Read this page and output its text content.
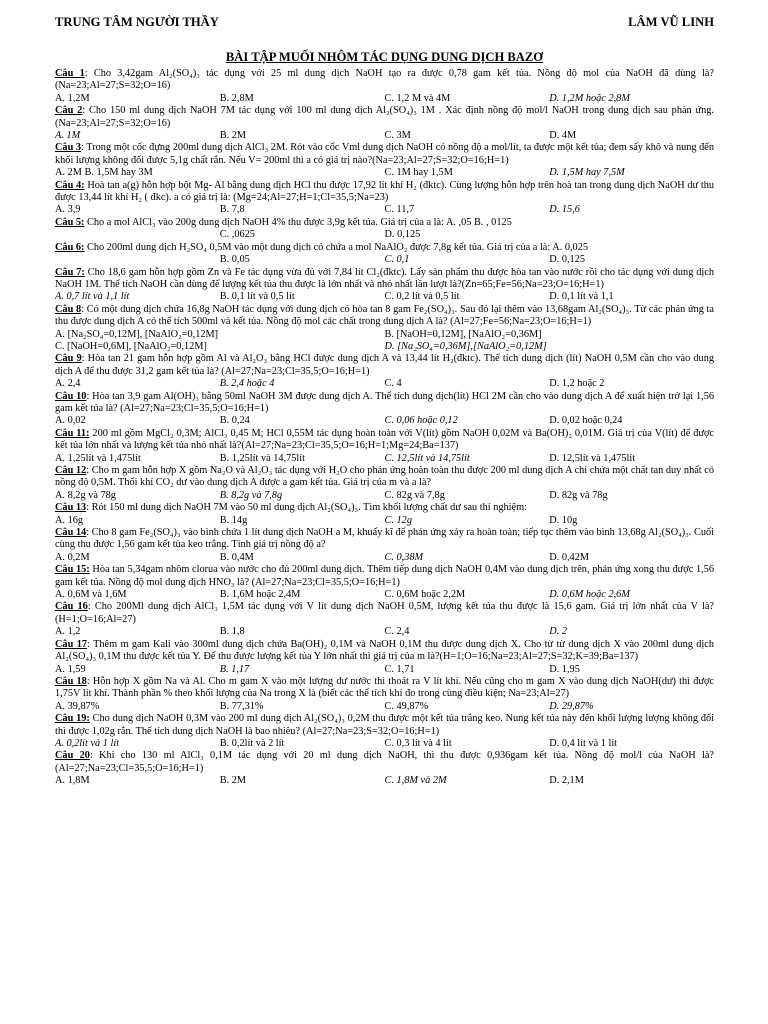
TRUNG TÂM NGƯỜI THẦY	LÂM VŨ LINH
BÀI TẬP MUỐI NHÔM TÁC DỤNG DUNG DỊCH BAZƠ
Câu 1: Cho 3,42gam Al₂(SO₄)₃ tác dụng với 25 ml dung dịch NaOH tạo ra được 0,78 gam kết tủa. Nồng độ mol của NaOH đã dùng là?(Na=23;Al=27;S=32;O=16)
A. 1,2M	B. 2,8M	C. 1,2 M và 4M	D. 1,2M hoặc 2,8M
Câu 2: Cho 150 ml dung dịch NaOH 7M tác dụng với 100 ml dung dịch Al₂(SO₄)₃ 1M . Xác định nồng độ mol/l NaOH trong dung dịch sau phản ứng. (Na=23;Al=27;S=32;O=16)
A. 1M	B. 2M	C. 3M	D. 4M
Câu 3: Trong một cốc đựng 200ml dung dịch AlCl₃ 2M. Rót vào cốc Vml dung dịch NaOH có nồng độ a mol/lít, ta được một kết tủa; đem sấy khô và nung đến khối lượng không đổi được 5,1g chất rắn. Nếu V= 200ml thì a có giá trị nào?(Na=23;Al=27;S=32;O=16;H=1)
A. 2M B. 1,5M hay 3M	C. 1M hay 1,5M	D. 1,5M hay 7,5M
Câu 4: Hoà tan a(g) hỗn hợp bột Mg- Al bằng dung dịch HCl thu được 17,92 lít khí H₂ (đktc). Cùng lượng hỗn hợp trên hoà tan trong dung dịch NaOH dư thu được 13,44 lít khí H₂ ( đkc). a có giá trị là: (Mg=24;Al=27;H=1;Cl=35,5;Na=23)
A. 3,9	B. 7,8	C. 11,7	D. 15,6
Câu 5: Cho a mol AlCl₃ vào 200g dung dịch NaOH 4% thu được 3,9g kết tủa. Giá trị của a là: A. ,05 B. , 0125
C. ,0625	D. 0,125
Câu 6: Cho 200ml dung dịch H₂SO₄ 0,5M vào một dung dịch có chứa a mol NaAlO₂ được 7,8g kết tủa. Giá trị của a là: A. 0,025
B. 0,05	C. 0,1	D. 0,125
Câu 7: Cho 18,6 gam hỗn hợp gồm Zn và Fe tác dụng vừa đủ với 7,84 lít Cl₂(đktc). Lấy sản phẩm thu được hòa tan vào nước rồi cho tác dụng với dung dịch NaOH 1M. Thể tích NaOH cần dùng để lượng kết tủa thu được là lớn nhất và nhỏ nhất lần lượt là?(Zn=65;Fe=56;Na=23;O=16;H=1)
A. 0,7 lít và 1,1 lít	B. 0,1 lít và 0,5 lít	C. 0,2 lít và 0,5 lít	D. 0,1 lít và 1,1
Câu 8: Có một dung dịch chứa 16,8g NaOH tác dụng với dung dịch có hòa tan 8 gam Fe₂(SO₄)₃. Sau đó lại thêm vào 13,68gam Al₂(SO₄)₃. Từ các phản ứng ta thu được dung dịch A có thể tích 500ml và kết tủa. Nồng độ mol các chất trong dung dịch A là? (Al=27;Fe=56;Na=23;O=16;H=1)
A. [Na₂SO₄=0,12M], [NaAlO₂=0,12M]	B. [NaOH=0,12M], [NaAlO₂=0,36M]
C. [NaOH=0,6M], [NaAlO₂=0,12M]	D. [Na₂SO₄=0,36M],[NaAlO₂=0,12M]
Câu 9: Hòa tan 21 gam hỗn hợp gồm Al và Al₂O₃ bằng HCl được dung dịch A và 13,44 lít H₂(đktc). Thể tích dung dịch (lít) NaOH 0,5M cần cho vào dung dịch A để thu được 31,2 gam kết tủa là? (Al=27;Na=23;Cl=35,5;O=16;H=1)
A. 2,4	B. 2,4 hoặc 4	C. 4	D. 1,2 hoặc 2
Câu 10: Hòa tan 3,9 gam Al(OH)₃ bằng 50ml NaOH 3M được dung dịch A. Thể tích dung dịch(lít) HCl 2M cần cho vào dung dịch A để xuất hiện trở lại 1,56 gam kết tủa là? (Al=27;Na=23;Cl=35,5;O=16;H=1)
A. 0,02	B. 0,24	C. 0,06 hoặc 0,12	D. 0,02 hoặc 0,24
Câu 11: 200 ml gồm MgCl₂ 0,3M; AlCl₃ 0,45 M; HCl 0,55M tác dụng hoàn toàn với V(lít) gồm NaOH 0,02M và Ba(OH)₂ 0,01M. Giá trị của V(lít) để được kết tủa lớn nhất và lượng kết tủa nhỏ nhất là?(Al=27;Na=23;Cl=35,5;O=16;H=1;Mg=24;Ba=137)
A. 1,25lít và 1,475lít	B. 1,25lít và 14,75lít	C. 12,5lít và 14,75lít	D. 12,5lít và 1,475lít
Câu 12: Cho m gam hỗn hợp X gồm Na₂O và Al₂O₃ tác dụng với H₂O cho phản ứng hoàn toàn thu được 200 ml dung dịch A chỉ chứa một chất tan duy nhất có nồng độ 0,5M. Thổi khí CO₂ dư vào dung dịch A được a gam kết tủa. Giá trị của m và a là?
A. 8,2g và 78g	B. 8,2g và 7,8g	C. 82g và 7,8g	D. 82g và 78g
Câu 13: Rót 150 ml dung dịch NaOH 7M vào 50 ml dung dịch Al₂(SO₄)₃. Tìm khối lượng chất dư sau thí nghiệm:
A. 16g	B. 14g	C. 12g	D. 10g
Câu 14: Cho 8 gam Fe₂(SO₄)₃ vào bình chứa 1 lít dung dịch NaOH a M, khuấy kĩ để phản ứng xảy ra hoàn toàn; tiếp tục thêm vào bình 13,68g Al₂(SO₄)₃. Cuối cùng thu được 1,56 gam kết tủa keo trắng. Tính giá trị nồng độ a?
A. 0,2M	B. 0,4M	C. 0,38M	D. 0,42M
Câu 15: Hòa tan 5,34gam nhôm clorua vào nước cho đủ 200ml dung dịch. Thêm tiếp dung dịch NaOH 0,4M vào dung dịch trên, phản ứng xong thu được 1,56 gam kết tủa. Nồng độ mol dung dịch HNO₃ là? (Al=27;Na=23;Cl=35,5;O=16;H=1)
A. 0,6M và 1,6M	B. 1,6M hoặc 2,4M	C. 0,6M hoặc 2,2M	D. 0,6M hoặc 2,6M
Câu 16: Cho 200Ml dung dịch AlCl₃ 1,5M tác dụng với V lít dung dịch NaOH 0,5M, lượng kết tủa thu được là 15,6 gam. Giá trị lớn nhất của V là?(H=1;O=16;Al=27)
A. 1,2	B. 1,8	C. 2,4	D. 2
Câu 17: Thêm m gam Kali vào 300ml dung dịch chứa Ba(OH)₂ 0,1M và NaOH 0,1M thu được dung dịch X. Cho từ từ dung dịch X vào 200ml dung dịch Al₂(SO₄)₃ 0,1M thu được kết tủa Y. Để thu được lượng kết tủa Y lớn nhất thì giá trị của m là?(H=1;O=16;Na=23;Al=27;S=32;K=39;Ba=137)
A. 1,59	B. 1,17	C. 1,71	D. 1,95
Câu 18: Hỗn hợp X gồm Na và Al. Cho m gam X vào một lượng dư nước thì thoát ra V lít khí. Nếu cũng cho m gam X vào dung dịch NaOH(dư) thì được 1,75V lít khí. Thành phần % theo khối lượng của Na trong X là (biết các thể tích khí đo trong cùng điều kiện; Na=23;Al=27)
A. 39,87%	B. 77,31%	C. 49,87%	D. 29,87%
Câu 19: Cho dung dịch NaOH 0,3M vào 200 ml dung dịch Al₂(SO₄)₃ 0,2M thu được một kết tủa trắng keo. Nung kết tủa này đến khối lượng lượng không đổi thì được 1,02g rắn. Thể tích dung dịch NaOH là bao nhiêu? (Al=27;Na=23;S=32;O=16;H=1)
A. 0,2lít và 1 lít	B. 0,2lít và 2 lít	C. 0,3 lít và 4 lít	D. 0,4 lít và 1 lít
Câu 20: Khi cho 130 ml AlCl₃ 0,1M tác dụng với 20 ml dung dịch NaOH, thì thu được 0,936gam kết tủa. Nồng độ mol/l của NaOH là? (Al=27;Na=23;Cl=35,5;O=16;H=1)
A. 1,8M	B. 2M	C. 1,8M và 2M	D. 2,1M
